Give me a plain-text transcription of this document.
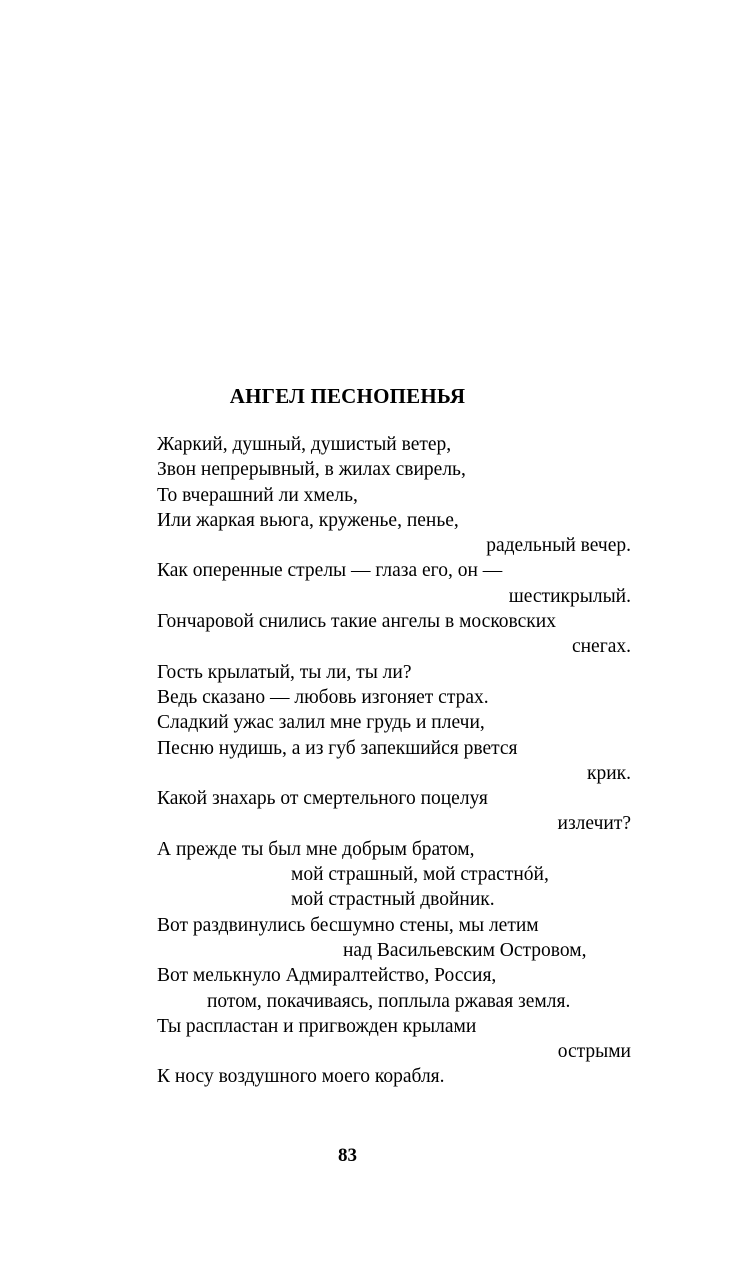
АНГЕЛ ПЕСНОПЕНЬЯ
Жаркий, душный, душистый ветер,
Звон непрерывный, в жилах свирель,
То вчерашний ли хмель,
Или жаркая вьюга, круженье, пенье,
радельный вечер.
Как оперенные стрелы — глаза его, он —
шестикрылый.
Гончаровой снились такие ангелы в московских
снегах.
Гость крылатый, ты ли, ты ли?
Ведь сказано — любовь изгоняет страх.
Сладкий ужас залил мне грудь и плечи,
Песню нудишь, а из губ запекшийся рвется
крик.
Какой знахарь от смертельного поцелуя
излечит?
А прежде ты был мне добрым братом,
мой страшный, мой страстнóй,
мой страстный двойник.
Вот раздвинулись бесшумно стены, мы летим
над Васильевским Островом,
Вот мелькнуло Адмиралтейство, Россия,
потом, покачиваясь, поплыла ржавая земля.
Ты распластан и пригвожден крылами
острыми
К носу воздушного моего корабля.
83
